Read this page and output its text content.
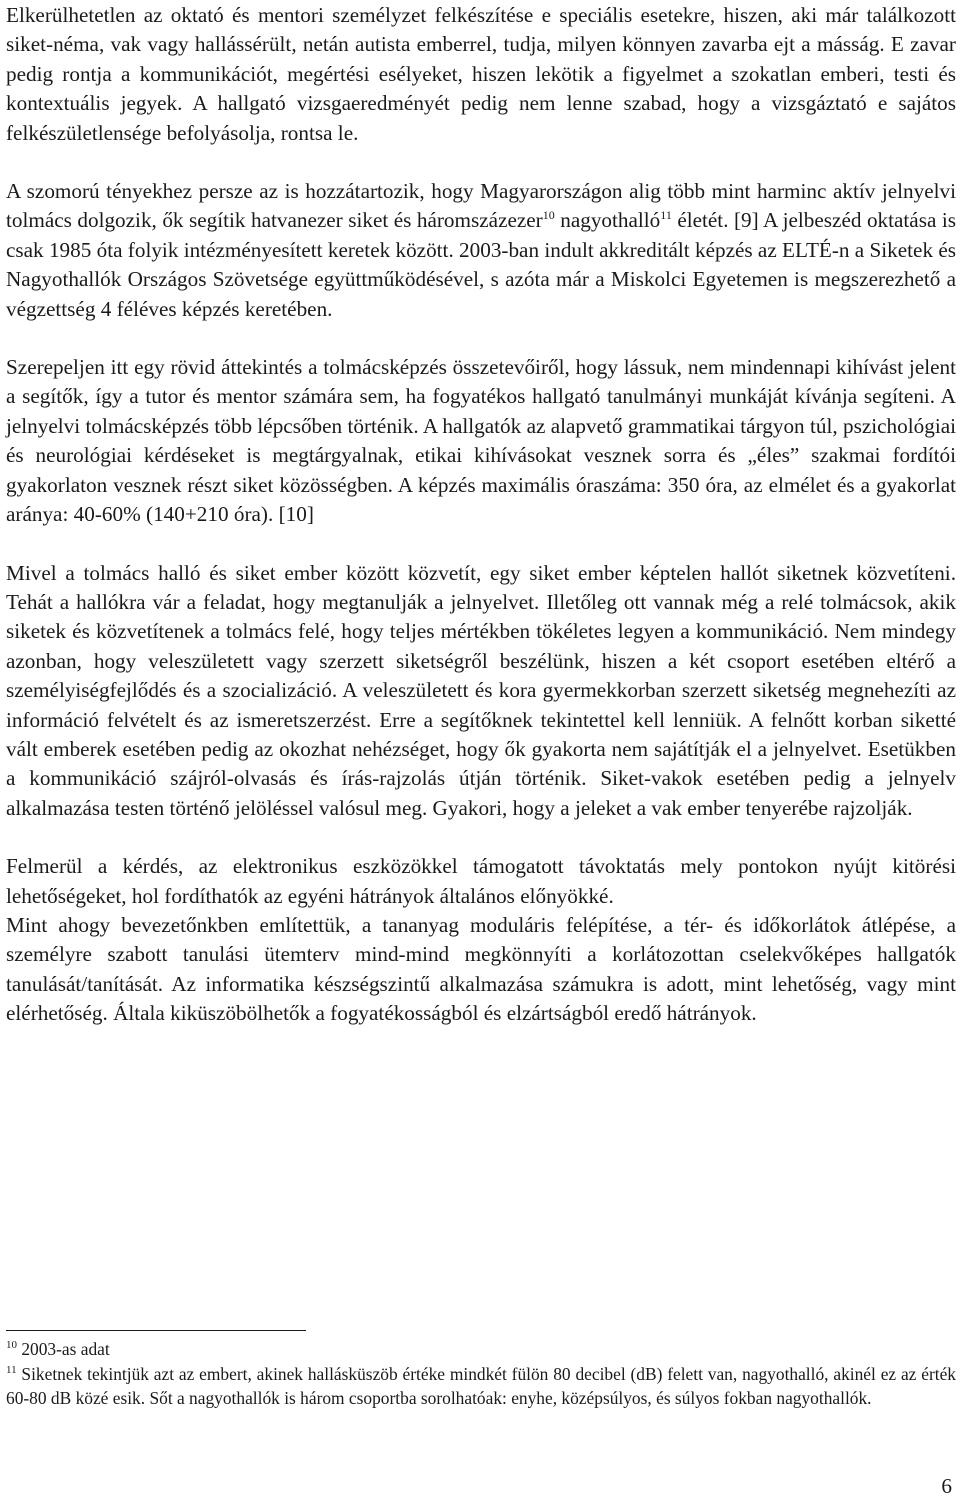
Elkerülhetetlen az oktató és mentori személyzet felkészítése e speciális esetekre, hiszen, aki már találkozott siket-néma, vak vagy hallássérült, netán autista emberrel, tudja, milyen könnyen zavarba ejt a másság. E zavar pedig rontja a kommunikációt, megértési esélyeket, hiszen lekötik a figyelmet a szokatlan emberi, testi és kontextuális jegyek. A hallgató vizsgaeredményét pedig nem lenne szabad, hogy a vizsgáztató e sajátos felkészületlensége befolyásolja, rontsa le.

A szomorú tényekhez persze az is hozzátartozik, hogy Magyarországon alig több mint harminc aktív jelnyelvi tolmács dolgozik, ők segítik hatvanezer siket és háromszázezer$^{10}$ nagyothalló$^{11}$ életét. [9] A jelbeszéd oktatása is csak 1985 óta folyik intézményesített keretek között. 2003-ban indult akkreditált képzés az ELTÉ-n a Siketek és Nagyothallók Országos Szövetsége együttműködésével, s azóta már a Miskolci Egyetemen is megszerezhető a végzettség 4 féléves képzés keretében.

Szerepeljen itt egy rövid áttekintés a tolmácsképzés összetevőiről, hogy lássuk, nem mindennapi kihívást jelent a segítők, így a tutor és mentor számára sem, ha fogyatékos hallgató tanulmányi munkáját kívánja segíteni. A jelnyelvi tolmácsképzés több lépcsőben történik. A hallgatók az alapvető grammatikai tárgyon túl, pszichológiai és neurológiai kérdéseket is megtárgyalnak, etikai kihívásokat vesznek sorra és „éles” szakmai fordítói gyakorlaton vesznek részt siket közösségben. A képzés maximális óraszáma: 350 óra, az elmélet és a gyakorlat aránya: 40-60% (140+210 óra). [10]

Mivel a tolmács halló és siket ember között közvetít, egy siket ember képtelen hallót siketnek közvetíteni. Tehát a hallókra vár a feladat, hogy megtanulják a jelnyelvet. Illetőleg ott vannak még a relé tolmácsok, akik siketek és közvetítenek a tolmács felé, hogy teljes mértékben tökéletes legyen a kommunikáció. Nem mindegy azonban, hogy veleszületett vagy szerzett siketségről beszélünk, hiszen a két csoport esetében eltérő a személyiségfejlődés és a szocializáció. A veleszületett és kora gyermekkorban szerzett siketség megnehezíti az információ felvételt és az ismeretszerzést. Erre a segítőknek tekintettel kell lenniük. A felnőtt korban siketté vált emberek esetében pedig az okozhat nehézséget, hogy ők gyakorta nem sajátítják el a jelnyelvet. Esetükben a kommunikáció szájról-olvasás és írás-rajzolás útján történik. Siket-vakok esetében pedig a jelnyelv alkalmazása testen történő jelöléssel valósul meg. Gyakori, hogy a jeleket a vak ember tenyerébe rajzolják.

Felmerül a kérdés, az elektronikus eszközökkel támogatott távoktatás mely pontokon nyújt kitörési lehetőségeket, hol fordíthatók az egyéni hátrányok általános előnyökké.

Mint ahogy bevezetőnkben említettük, a tananyag moduláris felépítése, a tér- és időkorlátok átlépése, a személyre szabott tanulási ütemterv mind-mind megkönnyíti a korlátozottan cselekvőképes hallgatók tanulását/tanítását. Az informatika készségszintű alkalmazása számukra is adott, mint lehetőség, vagy mint elérhetőség. Általa kiküszöbölhetők a fogyatékosságból és elzártságból eredő hátrányok.

$^{10}$ 2003-as adat

$^{11}$ Siketnek tekintjük azt az embert, akinek hallásküszöb értéke mindkét fülön 80 decibel (dB) felett van, nagyothalló, akinél ez az érték 60-80 dB közé esik. Sőt a nagyothallók is három csoportba sorolhatóak: enyhe, középsúlyos, és súlyos fokban nagyothallók.

6
